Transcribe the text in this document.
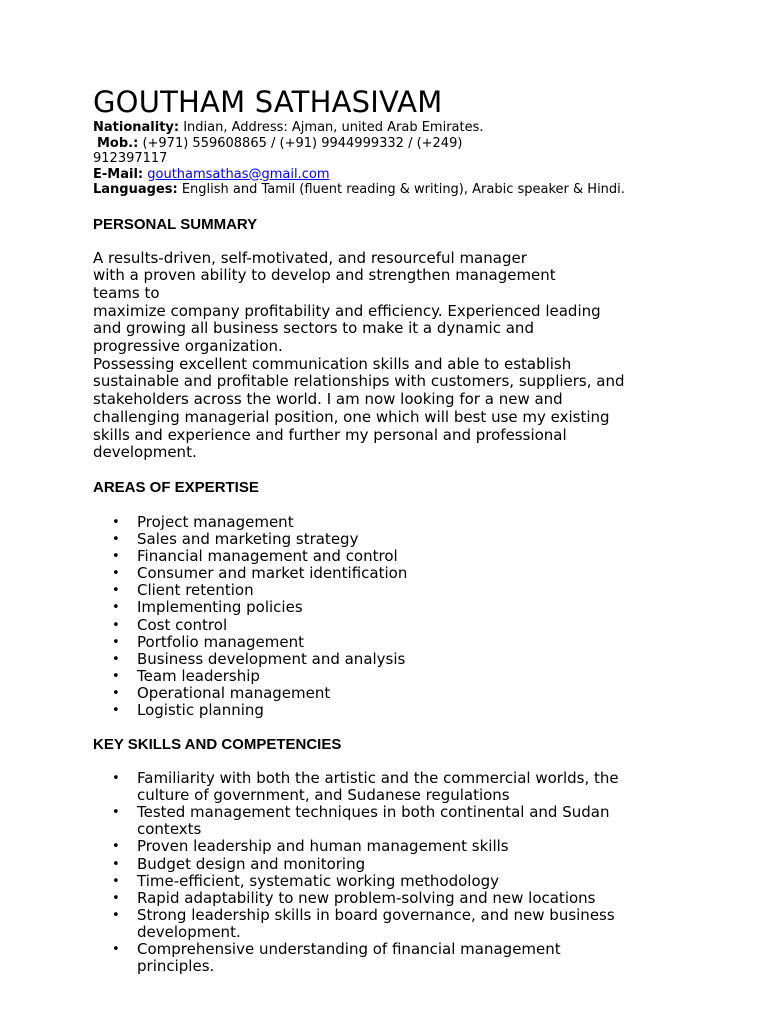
GOUTHAM SATHASIVAM
Nationality: Indian, Address: Ajman, united Arab Emirates.
Mob.: (+971) 559608865 / (+91) 9944999332 / (+249)
912397117
E-Mail: gouthamsathas@gmail.com
Languages: English and Tamil (fluent reading & writing), Arabic speaker & Hindi.
PERSONAL SUMMARY
A results-driven, self-motivated, and resourceful manager
with a proven ability to develop and strengthen management
teams to
maximize company profitability and efficiency. Experienced leading
and growing all business sectors to make it a dynamic and
progressive organization.
Possessing excellent communication skills and able to establish
sustainable and profitable relationships with customers, suppliers, and
stakeholders across the world. I am now looking for a new and
challenging managerial position, one which will best use my existing
skills and experience and further my personal and professional
development.
AREAS OF EXPERTISE
• Project management
• Sales and marketing strategy
• Financial management and control
• Consumer and market identification
• Client retention
• Implementing policies
• Cost control
• Portfolio management
• Business development and analysis
• Team leadership
• Operational management
• Logistic planning
KEY SKILLS AND COMPETENCIES
• Familiarity with both the artistic and the commercial worlds, the
culture of government, and Sudanese regulations
• Tested management techniques in both continental and Sudan
contexts
• Proven leadership and human management skills
• Budget design and monitoring
• Time-efficient, systematic working methodology
• Rapid adaptability to new problem-solving and new locations
• Strong leadership skills in board governance, and new business
development.
• Comprehensive understanding of financial management
principles.
